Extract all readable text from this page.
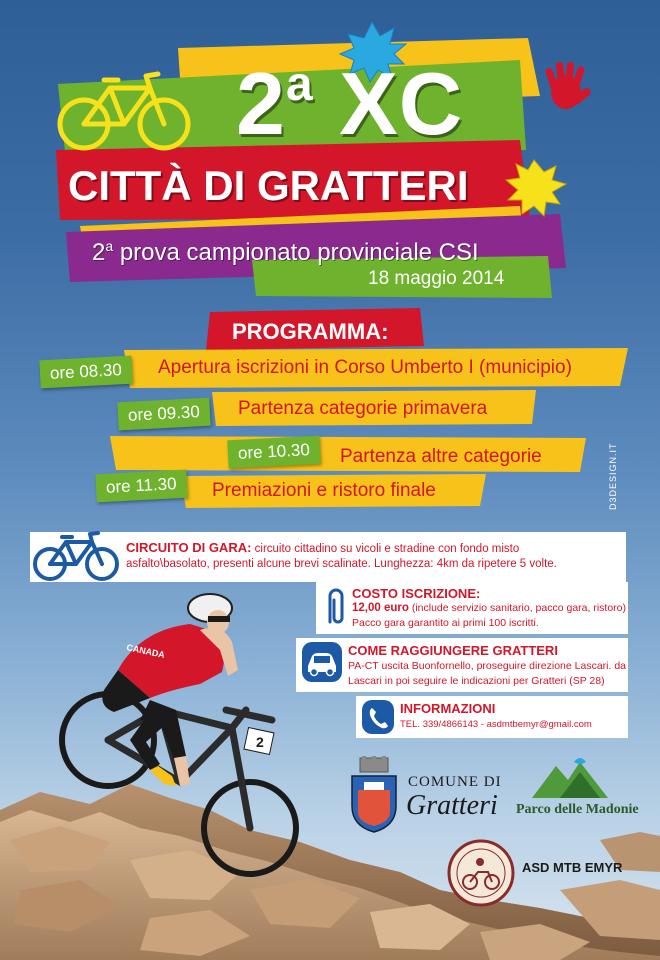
2$^a$ XC
CITTÀ DI GRATTERI
2$^a$ prova campionato provinciale CSI
18 maggio 2014
PROGRAMMA:
ore 08.30	Apertura iscrizioni in Corso Umberto I (municipio)
ore 09.30	Partenza categorie primavera
ore 10.30	Partenza altre categorie
ore 11.30	Premiazioni e ristoro finale	D3DESIGN.IT
CIRCUITO DI GARA: circuito cittadino su vicoli e stradine con fondo misto
asfalto\basolato, presenti alcune brevi scalinate. Lunghezza: 4km da ripetere 5 volte.
COSTO ISCRIZIONE:
12,00 euro (include servizio sanitario, pacco gara, ristoro)
Pacco gara garantito ai primi 100 iscritti.
COME RAGGIUNGERE GRATTERI
PA-CT uscita Buonfornello, proseguire direzione Lascari. da
Lascari in poi seguire le indicazioni per Gratteri (SP 28)
INFORMAZIONI
TEL. 339/4866143 - asdmtbemyr@gmail.com
2
CANADA
COMUNE DI
Gratteri Parco delle Madonie
ASD MTB EMYR
